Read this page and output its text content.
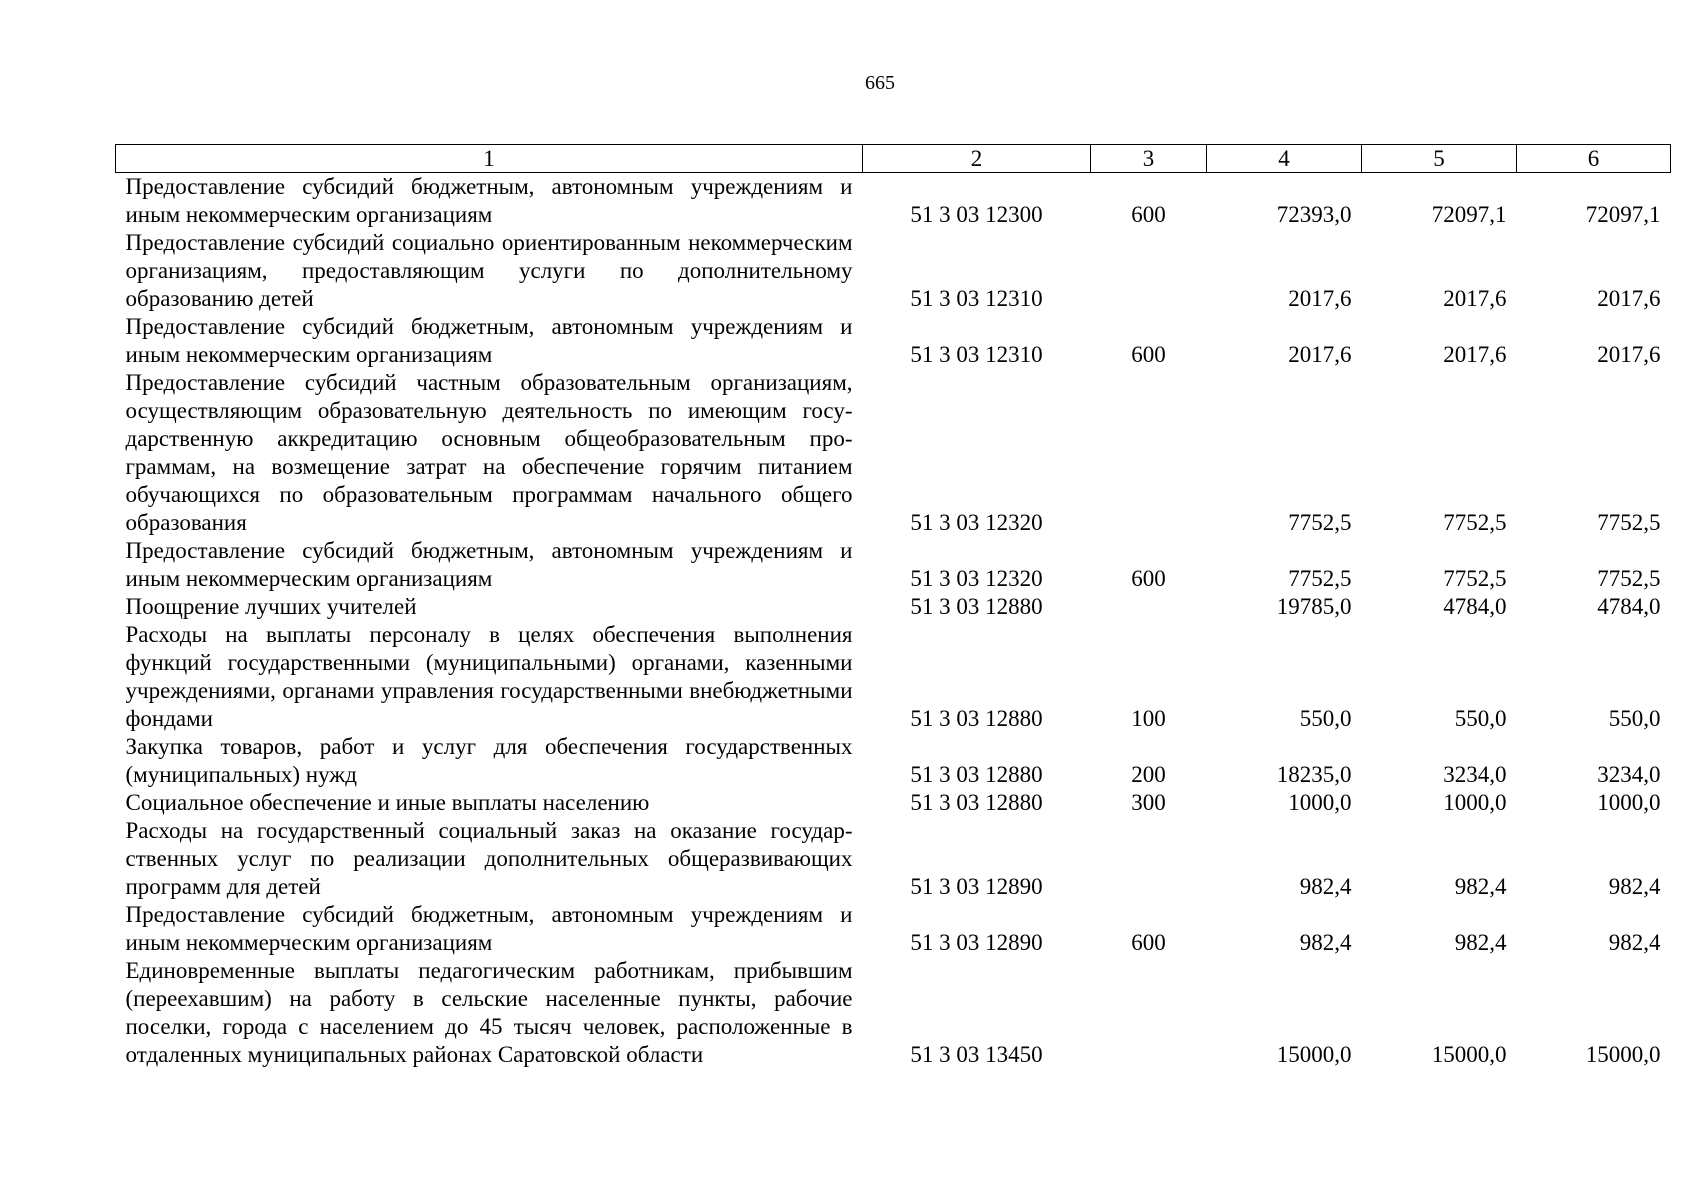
665
1	2	3	4	5	6
Предоставление субсидий бюджетным, автономным учреждениям и иным некоммерческим организациям	51 3 03 12300	600	72393,0	72097,1	72097,1
Предоставление субсидий социально ориентированным некоммерческим организациям, предоставляющим услуги по дополнительному образованию детей	51 3 03 12310		2017,6	2017,6	2017,6
Предоставление субсидий бюджетным, автономным учреждениям и иным некоммерческим организациям	51 3 03 12310	600	2017,6	2017,6	2017,6
Предоставление субсидий частным образовательным организациям, осуществляющим образовательную деятельность по имеющим государственную аккредитацию основным общеобразовательным программам, на возмещение затрат на обеспечение горячим питанием обучающихся по образовательным программам начального общего образования	51 3 03 12320		7752,5	7752,5	7752,5
Предоставление субсидий бюджетным, автономным учреждениям и иным некоммерческим организациям	51 3 03 12320	600	7752,5	7752,5	7752,5
Поощрение лучших учителей	51 3 03 12880		19785,0	4784,0	4784,0
Расходы на выплаты персоналу в целях обеспечения выполнения функций государственными (муниципальными) органами, казенными учреждениями, органами управления государственными внебюджетными фондами	51 3 03 12880	100	550,0	550,0	550,0
Закупка товаров, работ и услуг для обеспечения государственных (муниципальных) нужд	51 3 03 12880	200	18235,0	3234,0	3234,0
Социальное обеспечение и иные выплаты населению	51 3 03 12880	300	1000,0	1000,0	1000,0
Расходы на государственный социальный заказ на оказание государственных услуг по реализации дополнительных общеразвивающих программ для детей	51 3 03 12890		982,4	982,4	982,4
Предоставление субсидий бюджетным, автономным учреждениям и иным некоммерческим организациям	51 3 03 12890	600	982,4	982,4	982,4
Единовременные выплаты педагогическим работникам, прибывшим (переехавшим) на работу в сельские населенные пункты, рабочие поселки, города с населением до 45 тысяч человек, расположенные в отдаленных муниципальных районах Саратовской области	51 3 03 13450		15000,0	15000,0	15000,0
